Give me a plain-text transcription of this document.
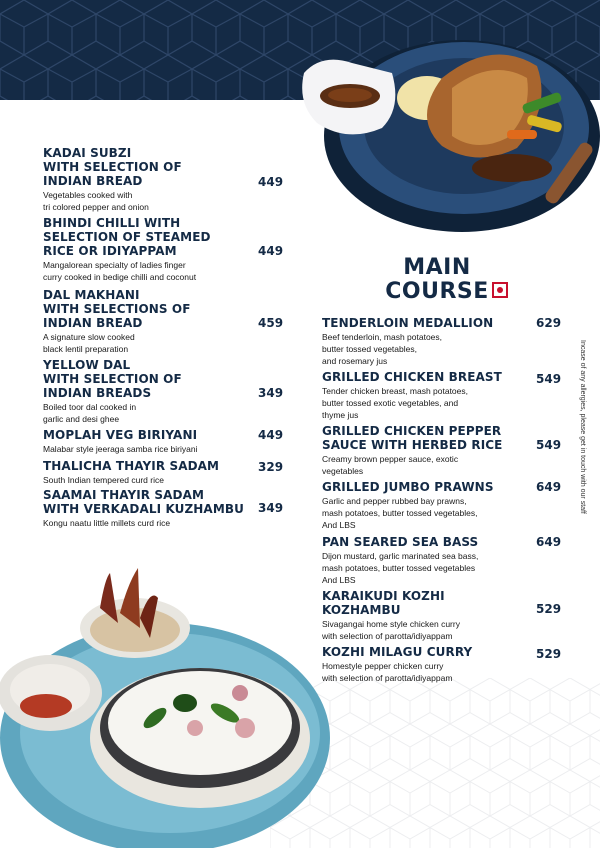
MAIN
COURSE
KADAI SUBZI
WITH SELECTION OF
INDIAN BREAD
Vegetables cooked with
tri colored pepper and onion
449
BHINDI CHILLI WITH
SELECTION OF STEAMED
RICE OR IDIYAPPAM
Mangalorean specialty of ladies finger
curry cooked in bedige chilli and coconut
449
DAL MAKHANI
WITH SELECTIONS OF
INDIAN BREAD
A signature slow cooked
black lentil preparation
459
YELLOW DAL
WITH SELECTION OF
INDIAN BREADS
Boiled toor dal cooked in
garlic and desi ghee
349
MOPLAH VEG BIRIYANI
Malabar style jeeraga samba rice biriyani
449
THALICHA THAYIR SADAM
South Indian tempered curd rice
329
SAAMAI THAYIR SADAM
WITH VERKADALI KUZHAMBU
Kongu naatu little millets curd rice
349
TENDERLOIN MEDALLION
Beef tenderloin, mash potatoes,
butter tossed vegetables,
and rosemary jus
629
GRILLED CHICKEN BREAST
Tender chicken breast, mash potatoes,
butter tossed exotic vegetables, and
thyme jus
549
GRILLED CHICKEN PEPPER
SAUCE WITH HERBED RICE
Creamy brown pepper sauce, exotic
vegetables
549
GRILLED JUMBO PRAWNS
Garlic and pepper rubbed bay prawns,
mash potatoes, butter tossed vegetables,
And LBS
649
PAN SEARED SEA BASS
Dijon mustard, garlic marinated sea bass,
mash potatoes, butter tossed vegetables
And LBS
649
KARAIKUDI KOZHI
KOZHAMBU
Sivagangai home style chicken curry
with selection of parotta/idiyappam
529
KOZHI MILAGU CURRY
Homestyle pepper chicken curry
with selection of parotta/idiyappam
529
Incase of any allergies, please get in touch with our staff
